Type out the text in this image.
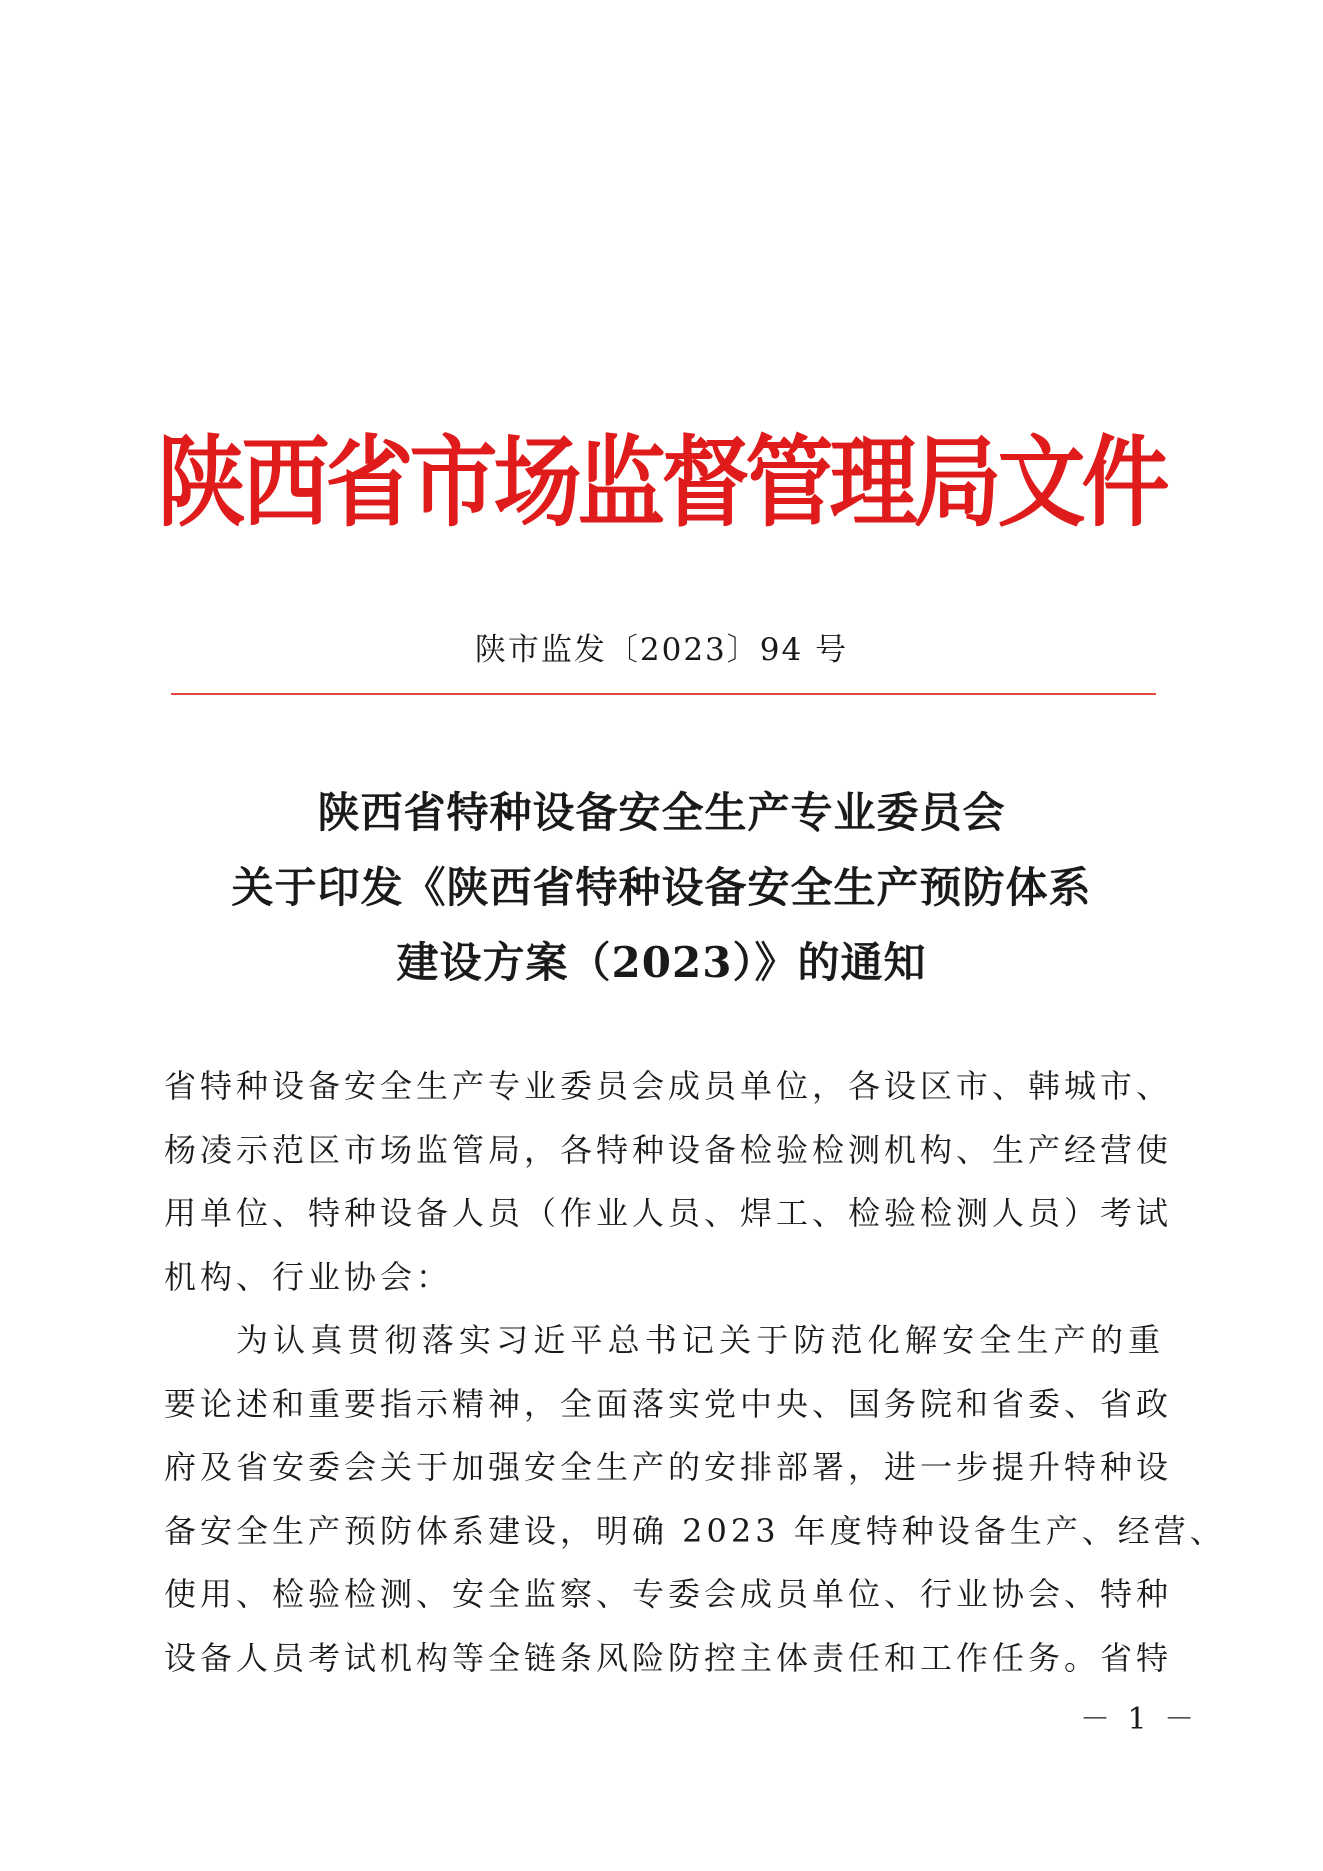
陕西省市场监督管理局文件
陕市监发〔2023〕94 号
陕西省特种设备安全生产专业委员会
关于印发《陕西省特种设备安全生产预防体系
建设方案（2023）》的通知
省特种设备安全生产专业委员会成员单位，各设区市、韩城市、
杨凌示范区市场监管局，各特种设备检验检测机构、生产经营使
用单位、特种设备人员（作业人员、焊工、检验检测人员）考试
机构、行业协会：
为认真贯彻落实习近平总书记关于防范化解安全生产的重
要论述和重要指示精神，全面落实党中央、国务院和省委、省政
府及省安委会关于加强安全生产的安排部署，进一步提升特种设
备安全生产预防体系建设，明确 2023 年度特种设备生产、经营、
使用、检验检测、安全监察、专委会成员单位、行业协会、特种
设备人员考试机构等全链条风险防控主体责任和工作任务。省特
－ 1 －
